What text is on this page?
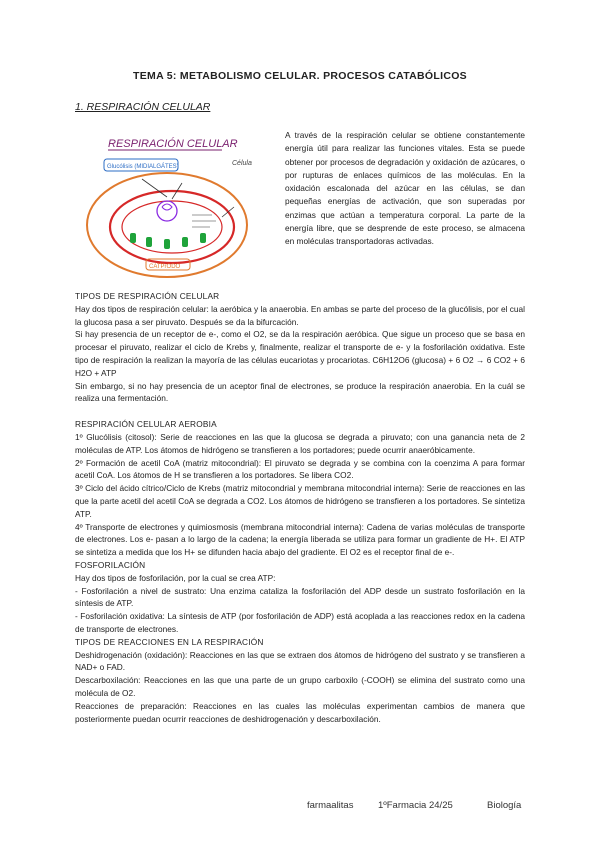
TEMA 5: METABOLISMO CELULAR. PROCESOS CATABÓLICOS
1. RESPIRACIÓN CELULAR
RESPIRACIÓN CELULAR
Glucólisis (MIDIALGÁTES)	Célula
CATPrODO
A través de la respiración celular se obtiene constantemente energía útil para realizar las funciones vitales. Esta se puede obtener por procesos de degradación y oxidación de azúcares, o por rupturas de enlaces químicos de las moléculas. En la oxidación escalonada del azúcar en las células, se dan pequeñas energías de activación, que son superadas por enzimas que actúan a temperatura corporal. La parte de la energía libre, que se desprende de este proceso, se almacena en moléculas transportadoras activadas.

TIPOS DE RESPIRACIÓN CELULAR

Hay dos tipos de respiración celular: la aeróbica y la anaerobia. En ambas se parte del proceso de la glucólisis, por el cual la glucosa pasa a ser piruvato. Después se da la bifurcación.

Si hay presencia de un receptor de e-, como el O2, se da la respiración aeróbica. Que sigue un proceso que se basa en procesar el piruvato, realizar el ciclo de Krebs y, finalmente, realizar el transporte de e- y la fosforilación oxidativa. Este tipo de respiración la realizan la mayoría de las células eucariotas y procariotas. C6H12O6 (glucosa) + 6 O2 → 6 CO2 + 6 H2O + ATP

Sin embargo, si no hay presencia de un aceptor final de electrones, se produce la respiración anaerobia. En la cuál se realiza una fermentación.

RESPIRACIÓN CELULAR AEROBIA

1º Glucólisis (citosol): Serie de reacciones en las que la glucosa se degrada a piruvato; con una ganancia neta de 2 moléculas de ATP. Los átomos de hidrógeno se transfieren a los portadores; puede ocurrir anaeróbicamente.

2º Formación de acetil CoA (matriz mitocondrial): El piruvato se degrada y se combina con la coenzima A para formar acetil CoA. Los átomos de H se transfieren a los portadores. Se libera CO2.

3º Ciclo del ácido cítrico/Ciclo de Krebs (matriz mitocondrial y membrana mitocondrial interna): Serie de reacciones en las que la parte acetil del acetil CoA se degrada a CO2. Los átomos de hidrógeno se transfieren a los portadores. Se sintetiza ATP.

4º Transporte de electrones y quimiosmosis (membrana mitocondrial interna): Cadena de varias moléculas de transporte de electrones. Los e- pasan a lo largo de la cadena; la energía liberada se utiliza para formar un gradiente de H+. El ATP se sintetiza a medida que los H+ se difunden hacia abajo del gradiente. El O2 es el receptor final de e-.

FOSFORILACIÓN

Hay dos tipos de fosforilación, por la cual se crea ATP:

- Fosforilación a nivel de sustrato: Una enzima cataliza la fosforilación del ADP desde un sustrato fosforilación en la síntesis de ATP.

- Fosforilación oxidativa: La síntesis de ATP (por fosforilación de ADP) está acoplada a las reacciones redox en la cadena de transporte de electrones.

TIPOS DE REACCIONES EN LA RESPIRACIÓN

Deshidrogenación (oxidación): Reacciones en las que se extraen dos átomos de hidrógeno del sustrato y se transfieren a NAD+ o FAD.

Descarboxilación: Reacciones en las que una parte de un grupo carboxilo (-COOH) se elimina del sustrato como una molécula de O2.

Reacciones de preparación: Reacciones en las cuales las moléculas experimentan cambios de manera que posteriormente puedan ocurrir reacciones de deshidrogenación y descarboxilación.

farmaalitas	1ºFarmacia 24/25	Biología
